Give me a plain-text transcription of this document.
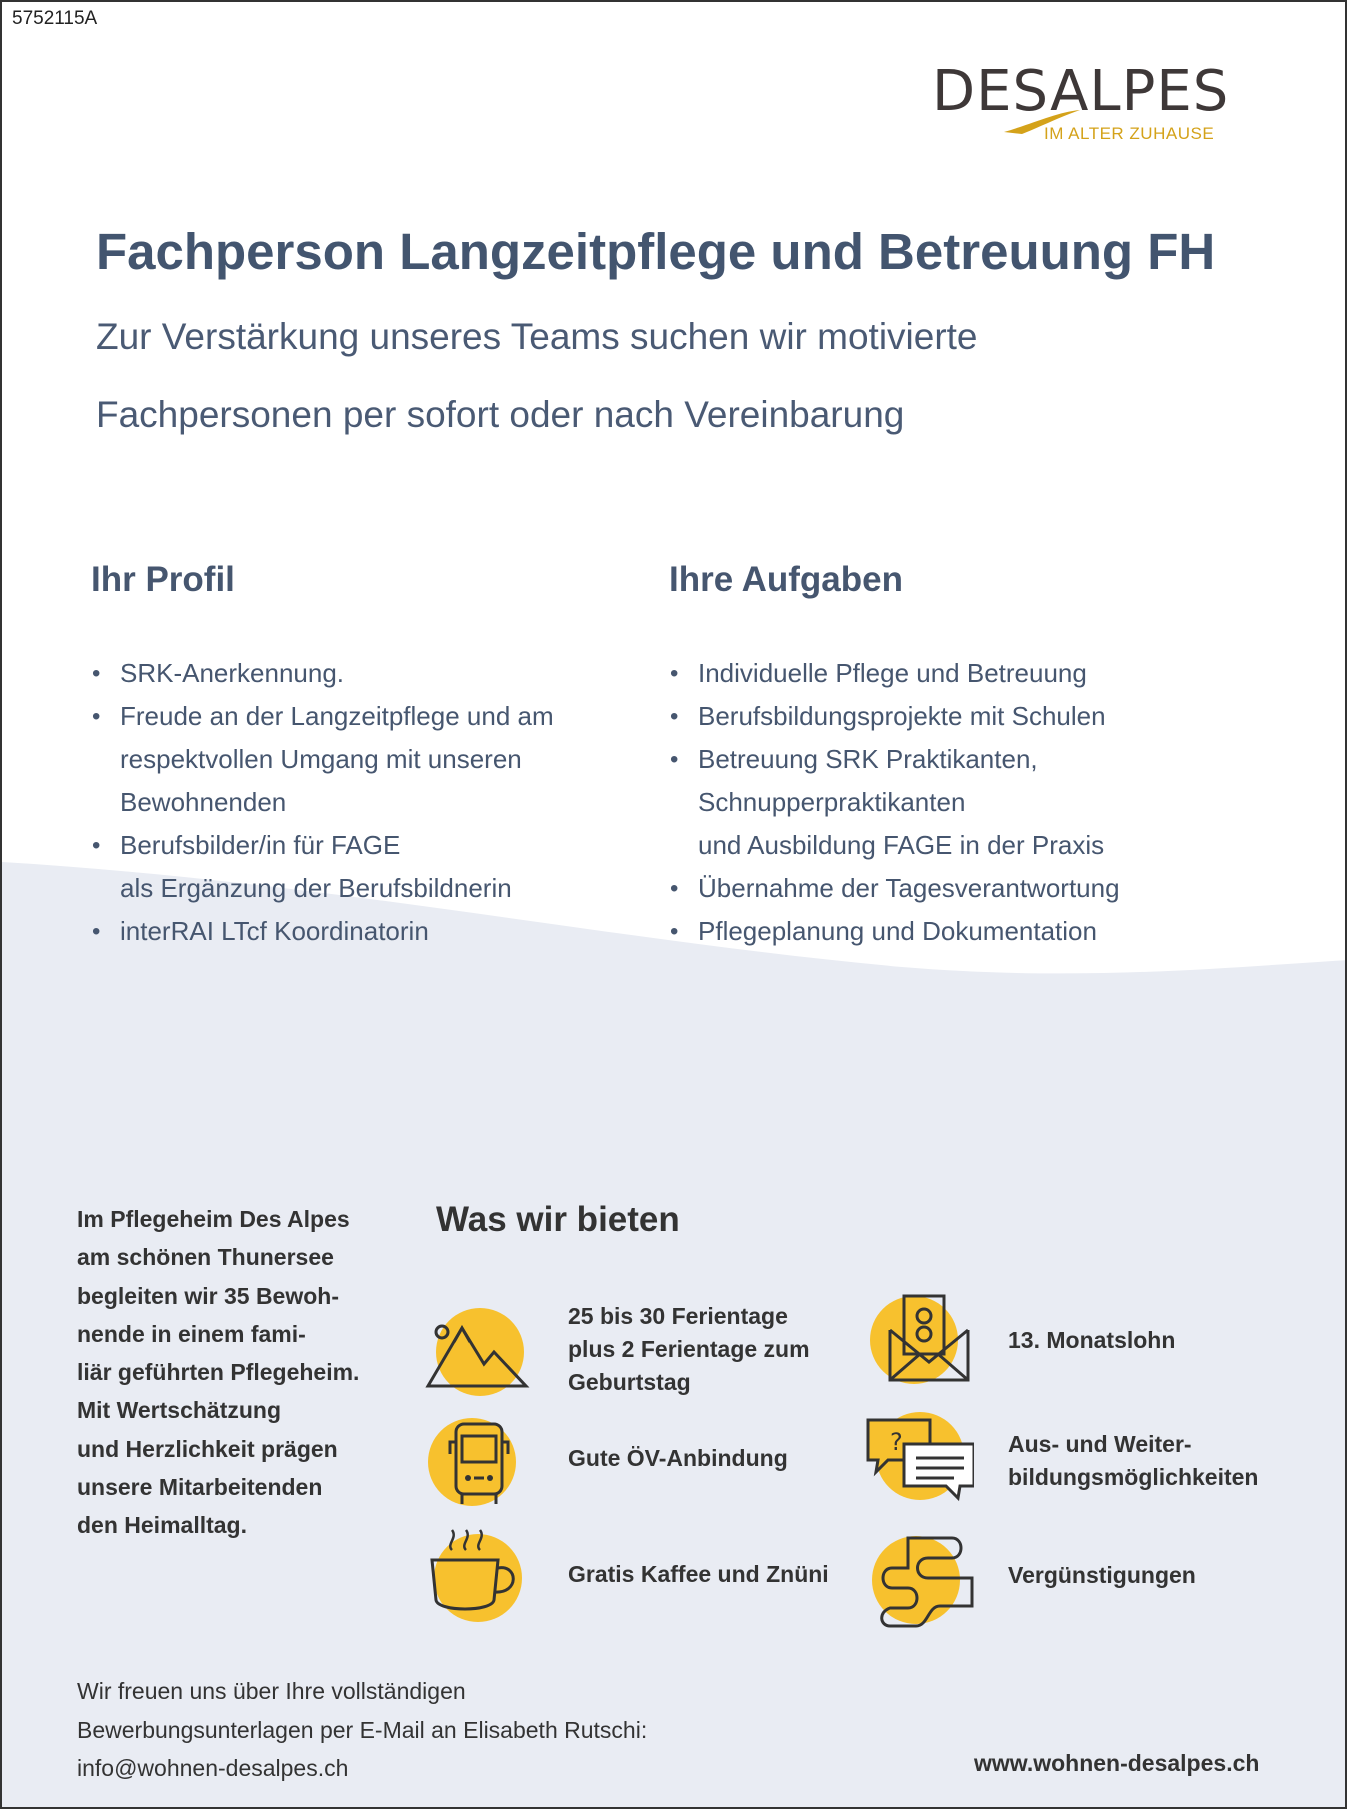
5752115A
DESALPES
IM ALTER ZUHAUSE
Fachperson Langzeitpflege und Betreuung FH
Zur Verstärkung unseres Teams suchen wir motivierte
Fachpersonen per sofort oder nach Vereinbarung
Ihr Profil	Ihre Aufgaben
• SRK-Anerkennung.
• Freude an der Langzeitpflege und am
respektvollen Umgang mit unseren
Bewohnenden
• Berufsbilder/in für FAGE
als Ergänzung der Berufsbildnerin
• interRAI LTcf Koordinatorin
• Individuelle Pflege und Betreuung
• Berufsbildungsprojekte mit Schulen
• Betreuung SRK Praktikanten,
Schnupperpraktikanten
und Ausbildung FAGE in der Praxis
• Übernahme der Tagesverantwortung
• Pflegeplanung und Dokumentation
Im Pflegeheim Des Alpes
am schönen Thunersee
begleiten wir 35 Bewoh-
nende in einem fami-
liär geführten Pflegeheim.
Mit Wertschätzung
und Herzlichkeit prägen
unsere Mitarbeitenden
den Heimalltag.
Was wir bieten
25 bis 30 Ferientage
plus 2 Ferientage zum
Geburtstag
13. Monatslohn
Gute ÖV-Anbindung
?	Aus- und Weiter-
bildungsmöglichkeiten
Gratis Kaffee und Znüni	Vergünstigungen
Wir freuen uns über Ihre vollständigen
Bewerbungsunterlagen per E-Mail an Elisabeth Rutschi:
info@wohnen-desalpes.ch	www.wohnen-desalpes.ch
